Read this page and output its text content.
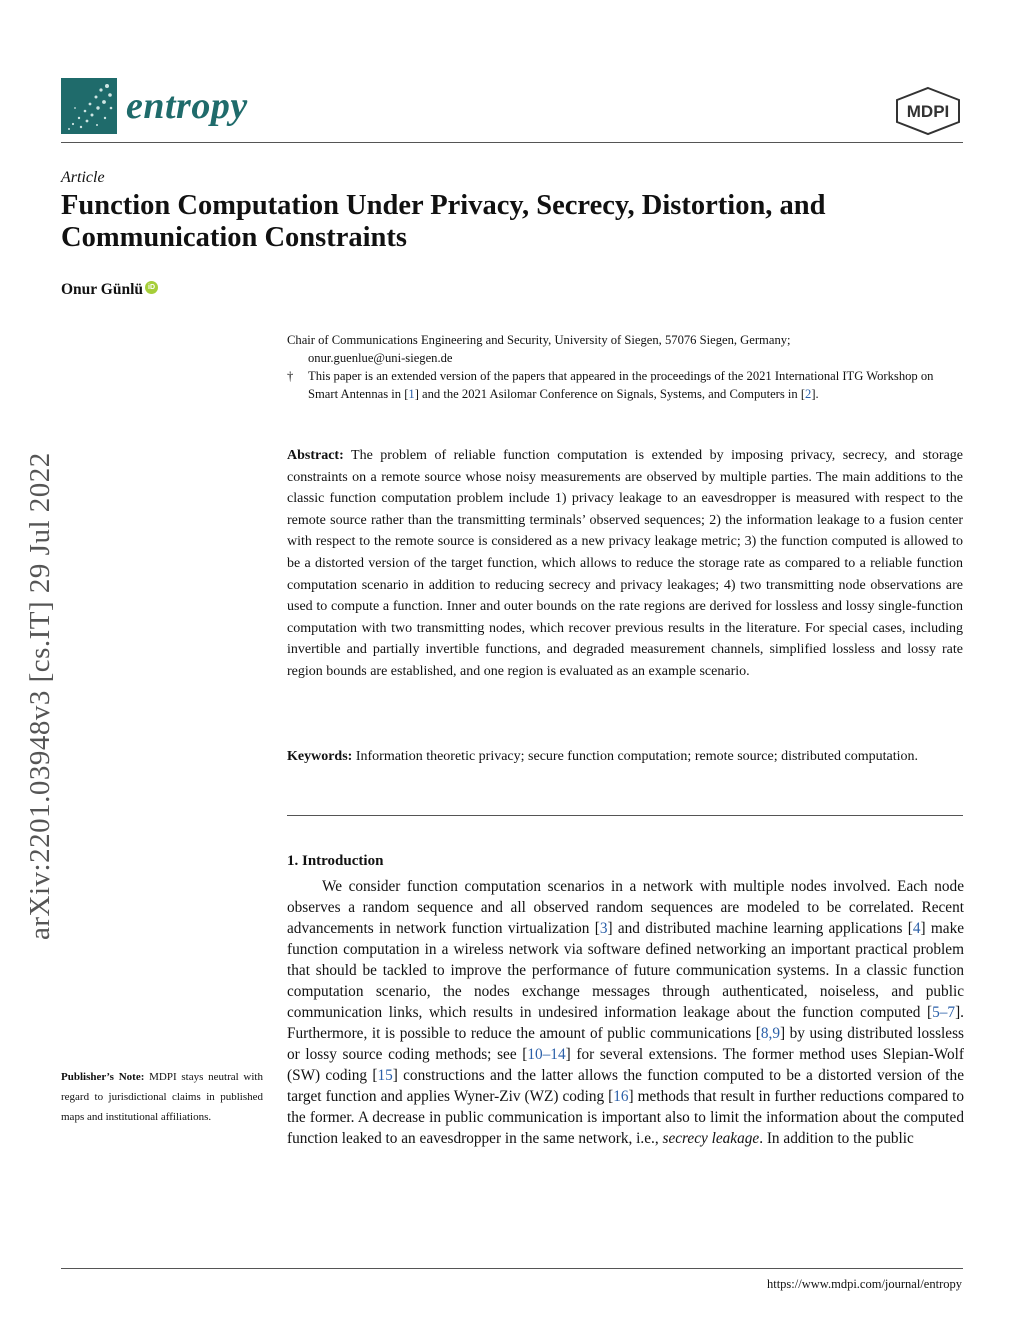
entropy	MDPI
Article
Function Computation Under Privacy, Secrecy, Distortion, and
Communication Constraints
Onur Günlü iD
arXiv:2201.03948v3 [cs.IT] 29 Jul 2022
Chair of Communications Engineering and Security, University of Siegen, 57076 Siegen, Germany;
onur.guenlue@uni-siegen.de
†	This paper is an extended version of the papers that appeared in the proceedings of the 2021 International ITG Workshop on Smart Antennas in [1] and the 2021 Asilomar Conference on Signals, Systems, and Computers in [2].
Abstract: The problem of reliable function computation is extended by imposing privacy, secrecy, and storage constraints on a remote source whose noisy measurements are observed by multiple parties. The main additions to the classic function computation problem include 1) privacy leakage to an eavesdropper is measured with respect to the remote source rather than the transmitting terminals’ observed sequences; 2) the information leakage to a fusion center with respect to the remote source is considered as a new privacy leakage metric; 3) the function computed is allowed to be a distorted version of the target function, which allows to reduce the storage rate as compared to a reliable function computation scenario in addition to reducing secrecy and privacy leakages; 4) two transmitting node observations are used to compute a function. Inner and outer bounds on the rate regions are derived for lossless and lossy single-function computation with two transmitting nodes, which recover previous results in the literature. For special cases, including invertible and partially invertible functions, and degraded measurement channels, simplified lossless and lossy rate region bounds are established, and one region is evaluated as an example scenario.
Keywords: Information theoretic privacy; secure function computation; remote source; distributed computation.
1. Introduction

We consider function computation scenarios in a network with multiple nodes involved. Each node observes a random sequence and all observed random sequences are modeled to be correlated. Recent advancements in network function virtualization [3] and distributed machine learning applications [4] make function computation in a wireless network via software defined networking an important practical problem that should be tackled to improve the performance of future communication systems. In a classic function computation scenario, the nodes exchange messages through authenticated, noiseless, and public communication links, which results in undesired information leakage about the function computed [5–7]. Furthermore, it is possible to reduce the amount of public communications [8,9] by using distributed lossless or lossy source coding methods; see [10–14] for several extensions. The former method uses Slepian-Wolf (SW) coding [15] constructions and the latter allows the function computed to be a distorted version of the target function and applies Wyner-Ziv (WZ) coding [16] methods that result in further reductions compared to the former. A decrease in public communication is important also to limit the information about the computed function leaked to an eavesdropper in the same network, i.e., secrecy leakage. In addition to the public

Publisher’s Note: MDPI stays neutral with regard to jurisdictional claims in published maps and institutional affiliations.
https://www.mdpi.com/journal/entropy
